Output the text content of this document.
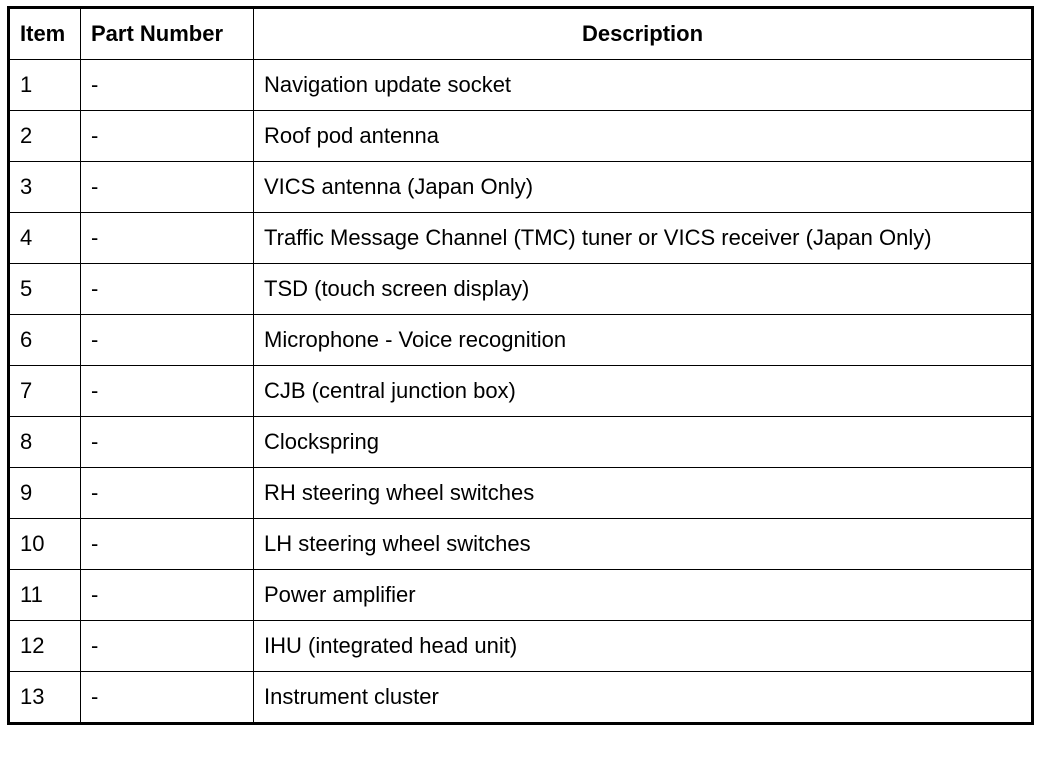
Item	Part Number	Description
1	-	Navigation update socket
2	-	Roof pod antenna
3	-	VICS antenna (Japan Only)
4	-	Traffic Message Channel (TMC) tuner or VICS receiver (Japan Only)
5	-	TSD (touch screen display)
6	-	Microphone - Voice recognition
7	-	CJB (central junction box)
8	-	Clockspring
9	-	RH steering wheel switches
10	-	LH steering wheel switches
11	-	Power amplifier
12	-	IHU (integrated head unit)
13	-	Instrument cluster
